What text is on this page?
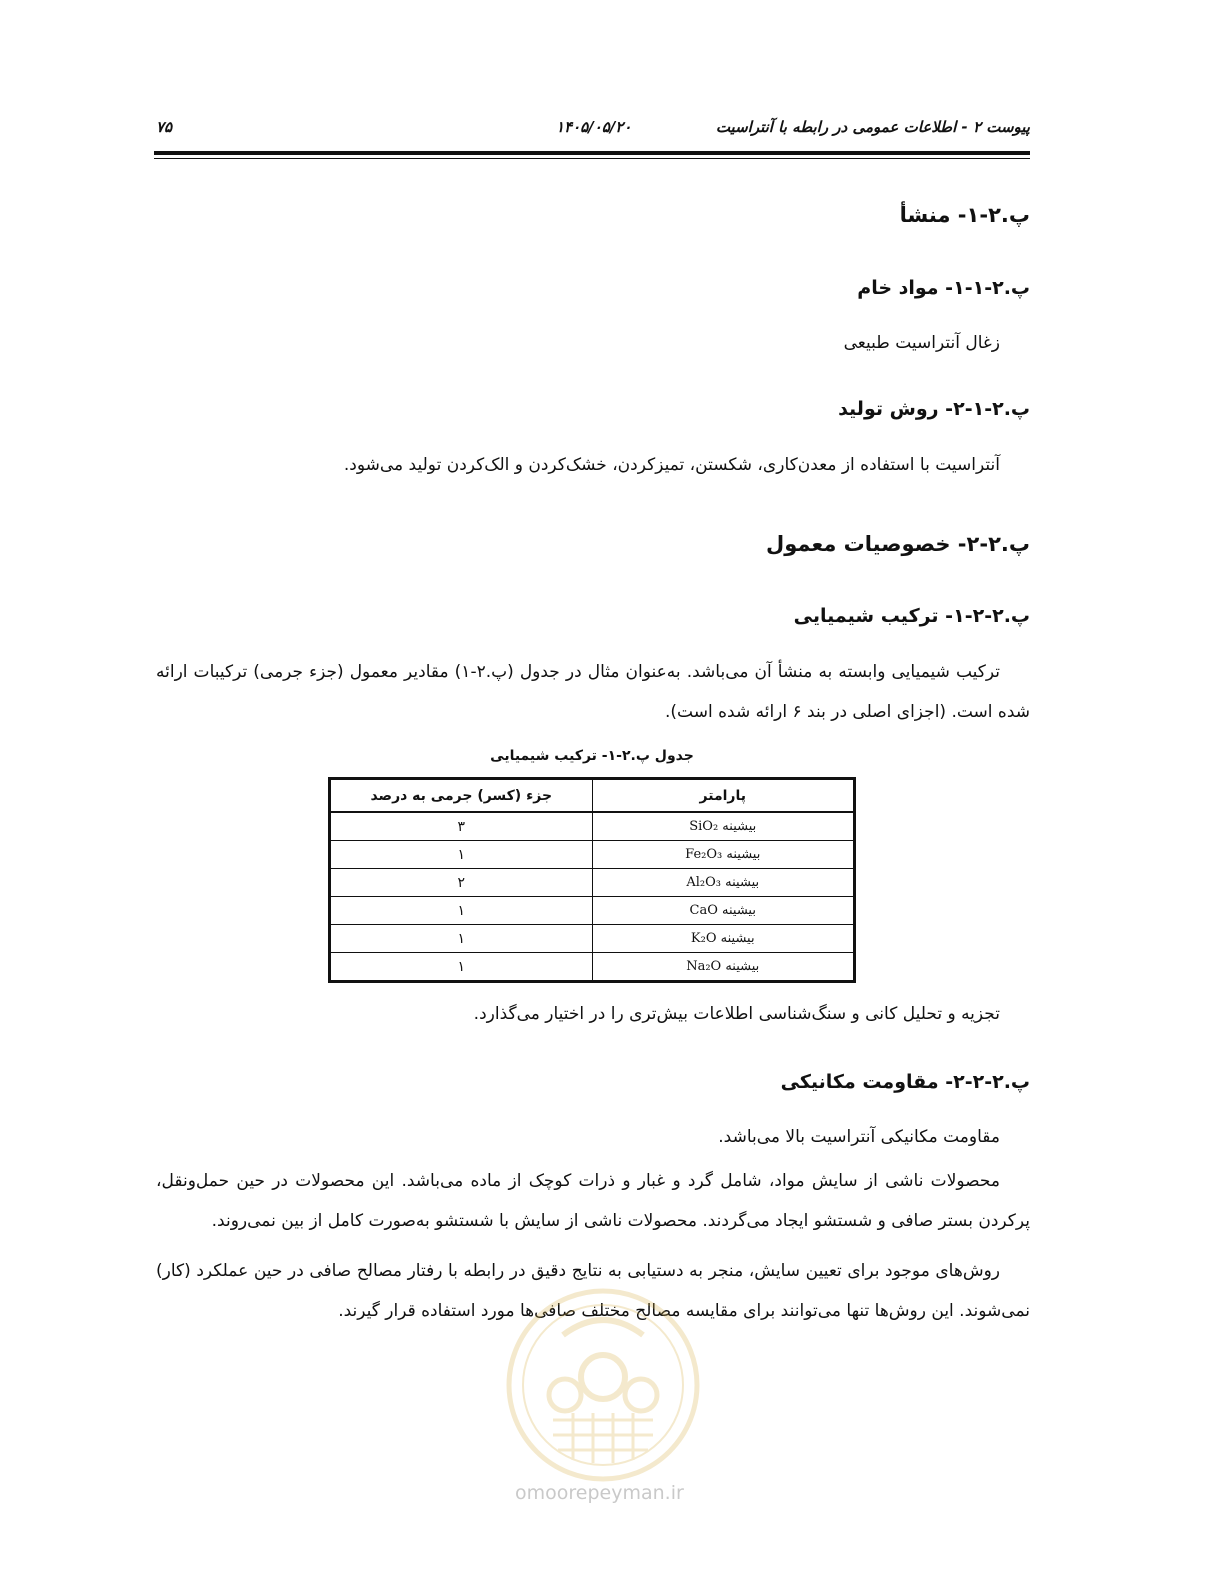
پیوست ۲ - اطلاعات عمومی در رابطه با آنتراسیت
۱۴۰۵/۰۵/۲۰
۷۵
پ.۲-۱- منشأ
پ.۲-۱-۱- مواد خام
زغال آنتراسیت طبیعی
پ.۲-۱-۲- روش تولید
آنتراسیت با استفاده از معدن‌کاری، شکستن، تمیزکردن، خشک‌کردن و الک‌کردن تولید می‌شود.
پ.۲-۲- خصوصیات معمول
پ.۲-۲-۱- ترکیب شیمیایی
ترکیب شیمیایی وابسته به منشأ آن می‌باشد. به‌عنوان مثال در جدول (پ.۲-۱) مقادیر معمول (جزء جرمی) ترکیبات ارائه شده است. (اجزای اصلی در بند ۶ ارائه شده است).
جدول پ.۲-۱- ترکیب شیمیایی
پارامتر	جزء (کسر) جرمی به درصد
بیشینه SiO₂	۳
بیشینه Fe₂O₃	۱
بیشینه Al₂O₃	۲
بیشینه CaO	۱
بیشینه K₂O	۱
بیشینه Na₂O	۱
تجزیه و تحلیل کانی و سنگ‌شناسی اطلاعات بیش‌تری را در اختیار می‌گذارد.
پ.۲-۲-۲- مقاومت مکانیکی
مقاومت مکانیکی آنتراسیت بالا می‌باشد.
محصولات ناشی از سایش مواد، شامل گرد و غبار و ذرات کوچک از ماده می‌باشد. این محصولات در حین حمل‌ونقل، پرکردن بستر صافی و شستشو ایجاد می‌گردند. محصولات ناشی از سایش با شستشو به‌صورت کامل از بین نمی‌روند.
روش‌های موجود برای تعیین سایش، منجر به دستیابی به نتایج دقیق در رابطه با رفتار مصالح صافی در حین عملکرد (کار) نمی‌شوند. این روش‌ها تنها می‌توانند برای مقایسه مصالح مختلف صافی‌ها مورد استفاده قرار گیرند.
omoorepeyman.ir
